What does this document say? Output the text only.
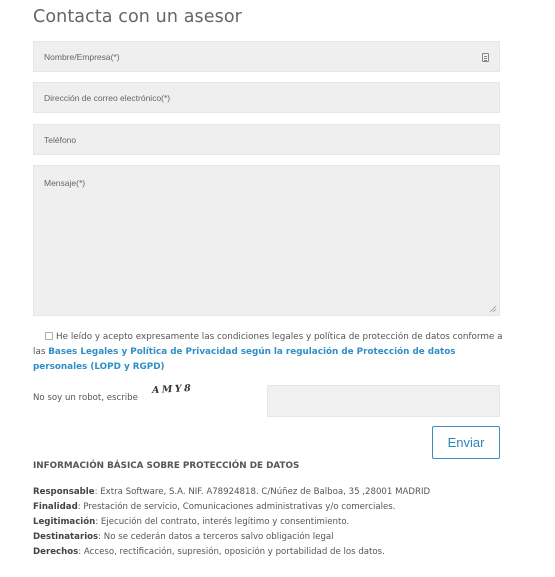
Contacta con un asesor
Nombre/Empresa(*)
Dirección de correo electrónico(*)
Teléfono
Mensaje(*)
He leído y acepto expresamente las condiciones legales y política de protección de datos conforme a las Bases Legales y Política de Privacidad según la regulación de Protección de datos personales (LOPD y RGPD)
No soy un robot, escribe
AMY8
Enviar
INFORMACIÓN BÁSICA SOBRE PROTECCIÓN DE DATOS
Responsable: Extra Software, S.A. NIF. A78924818. C/Núñez de Balboa, 35 ,28001 MADRID
Finalidad: Prestación de servicio, Comunicaciones administrativas y/o comerciales.
Legitimación: Ejecución del contrato, interés legítimo y consentimiento.
Destinatarios: No se cederán datos a terceros salvo obligación legal
Derechos: Acceso, rectificación, supresión, oposición y portabilidad de los datos.
